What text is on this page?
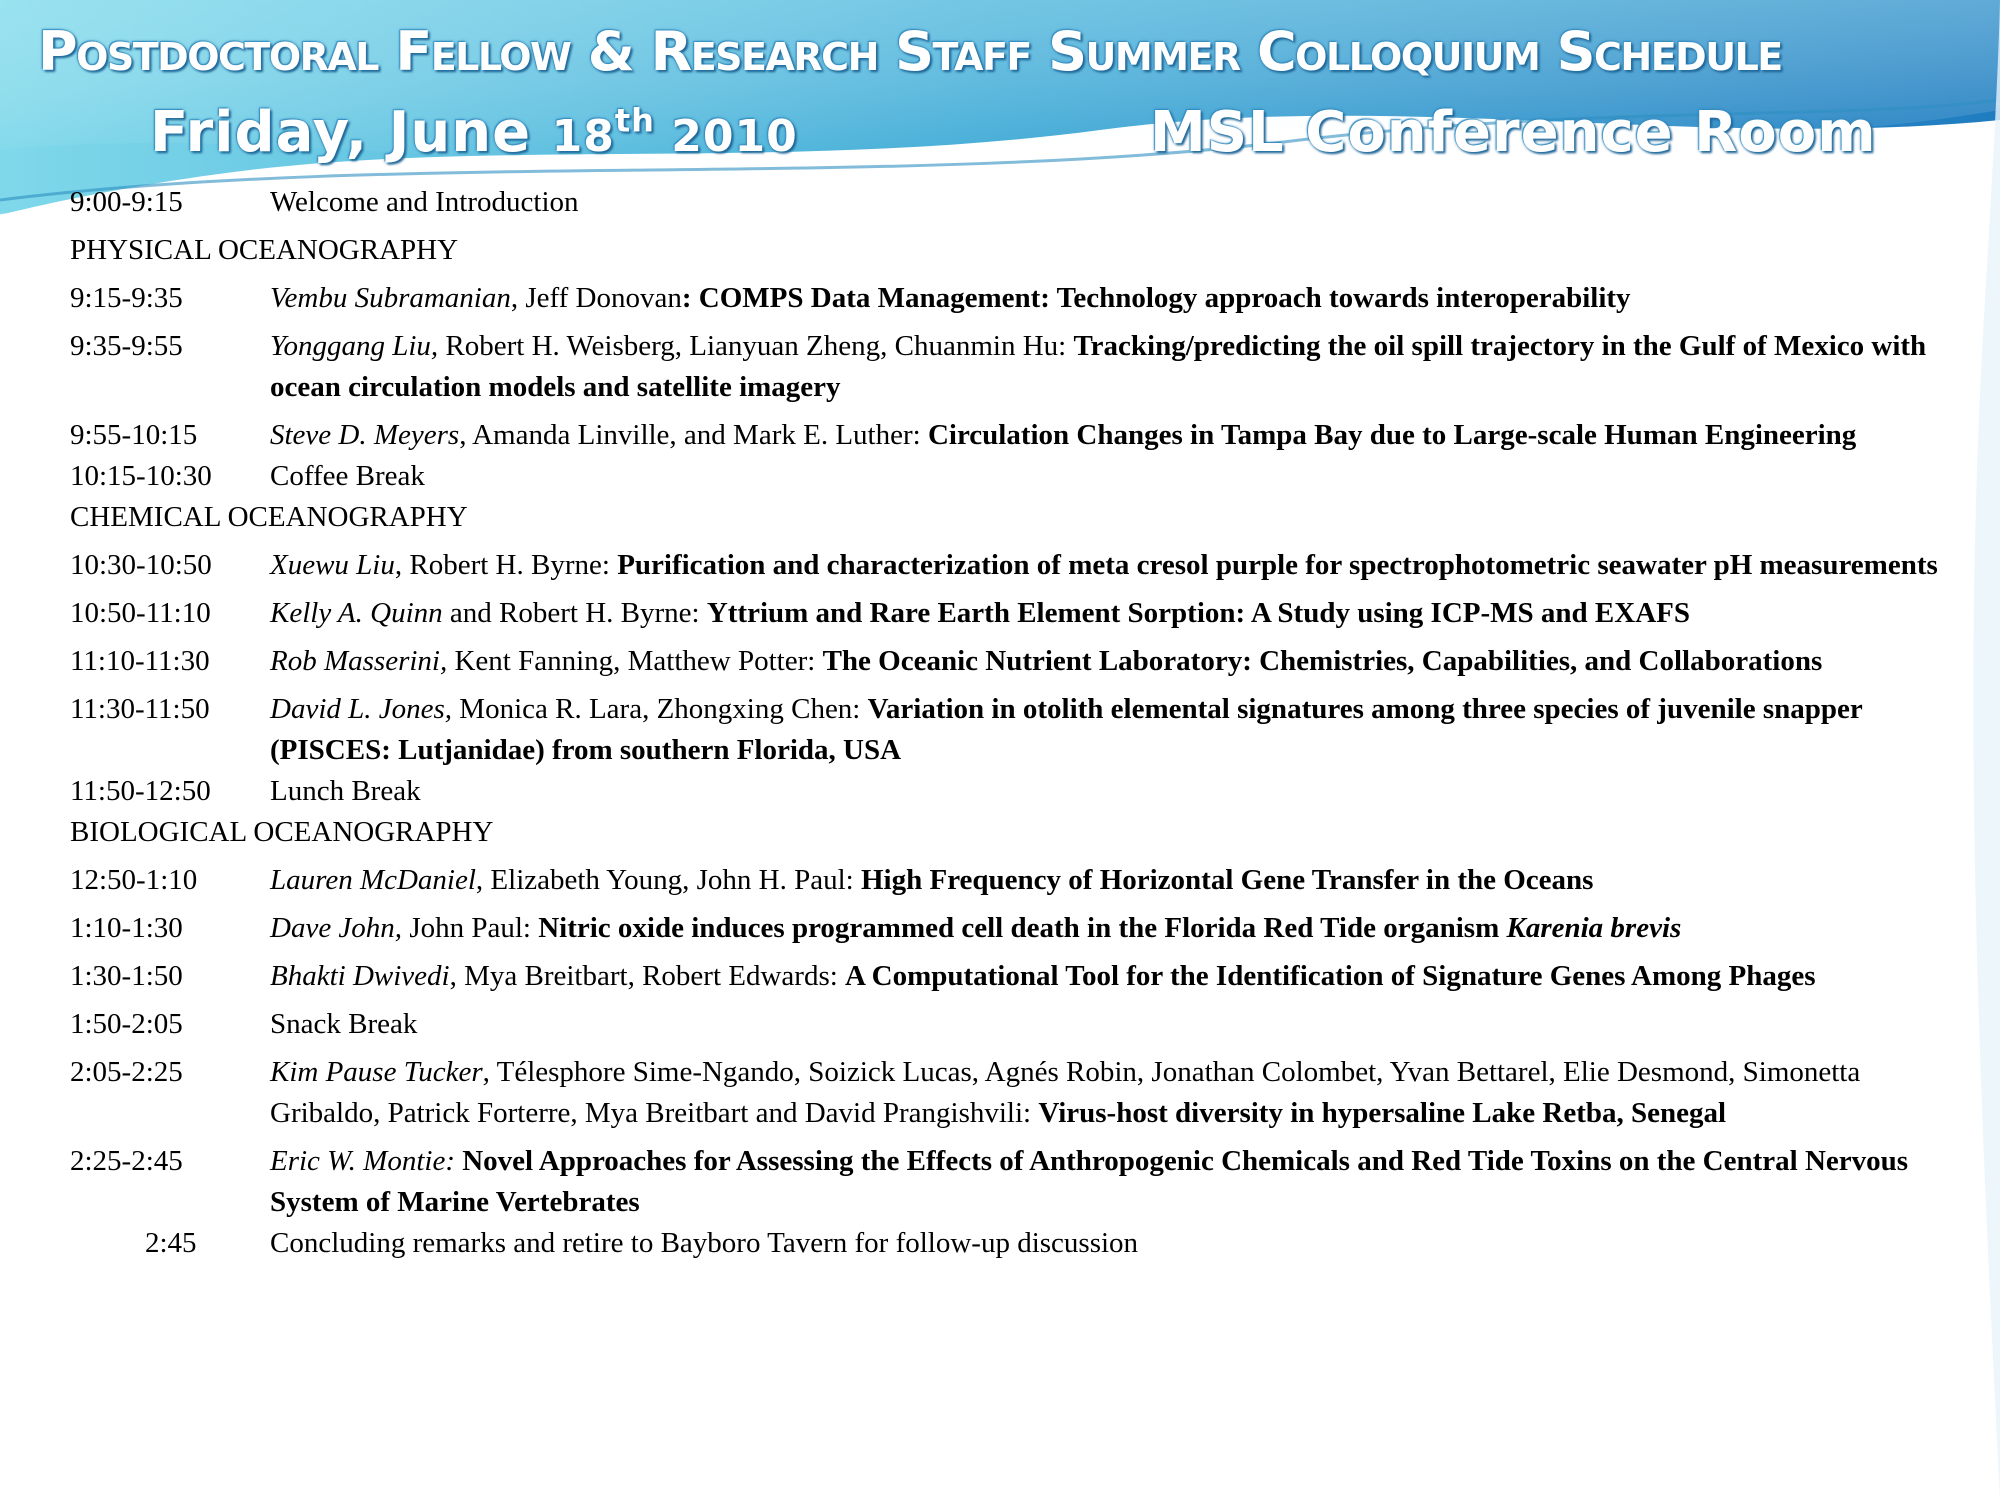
Postdoctoral Fellow & Research Staff Summer Colloquium Schedule
Friday, June 18th 2010	MSL Conference Room
9:00-9:15	Welcome and Introduction
PHYSICAL OCEANOGRAPHY
9:15-9:35	Vembu Subramanian, Jeff Donovan: COMPS Data Management: Technology approach towards interoperability
9:35-9:55	Yonggang Liu, Robert H. Weisberg, Lianyuan Zheng, Chuanmin Hu: Tracking/predicting the oil spill trajectory in the Gulf of Mexico with ocean circulation models and satellite imagery
9:55-10:15	Steve D. Meyers, Amanda Linville, and Mark E. Luther: Circulation Changes in Tampa Bay due to Large-scale Human Engineering
10:15-10:30	Coffee Break
CHEMICAL OCEANOGRAPHY
10:30-10:50	Xuewu Liu, Robert H. Byrne: Purification and characterization of meta cresol purple for spectrophotometric seawater pH measurements
10:50-11:10	Kelly A. Quinn and Robert H. Byrne: Yttrium and Rare Earth Element Sorption: A Study using ICP-MS and EXAFS
11:10-11:30	Rob Masserini, Kent Fanning, Matthew Potter: The Oceanic Nutrient Laboratory: Chemistries, Capabilities, and Collaborations
11:30-11:50	David L. Jones, Monica R. Lara, Zhongxing Chen: Variation in otolith elemental signatures among three species of juvenile snapper (PISCES: Lutjanidae) from southern Florida, USA
11:50-12:50	Lunch Break
BIOLOGICAL OCEANOGRAPHY
12:50-1:10	Lauren McDaniel, Elizabeth Young, John H. Paul: High Frequency of Horizontal Gene Transfer in the Oceans
1:10-1:30	Dave John, John Paul: Nitric oxide induces programmed cell death in the Florida Red Tide organism Karenia brevis
1:30-1:50	Bhakti Dwivedi, Mya Breitbart, Robert Edwards: A Computational Tool for the Identification of Signature Genes Among Phages
1:50-2:05	Snack Break
2:05-2:25	Kim Pause Tucker, Télesphore Sime-Ngando, Soizick Lucas, Agnés Robin, Jonathan Colombet, Yvan Bettarel, Elie Desmond, Simonetta Gribaldo, Patrick Forterre, Mya Breitbart and David Prangishvili: Virus-host diversity in hypersaline Lake Retba, Senegal
2:25-2:45	Eric W. Montie: Novel Approaches for Assessing the Effects of Anthropogenic Chemicals and Red Tide Toxins on the Central Nervous System of Marine Vertebrates
2:45	Concluding remarks and retire to Bayboro Tavern for follow-up discussion
